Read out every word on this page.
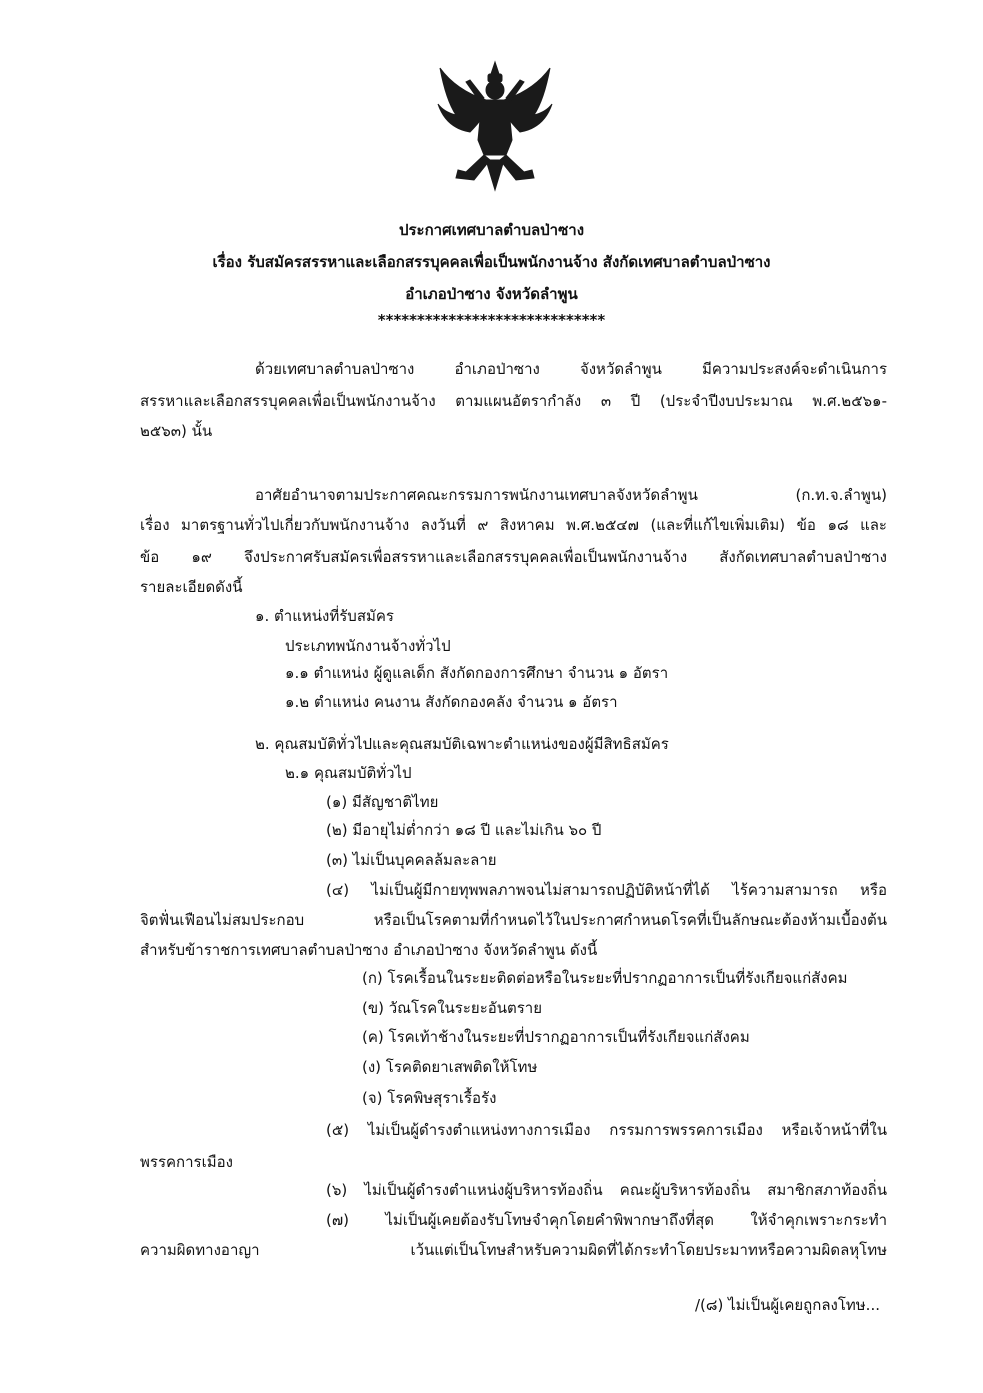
ประกาศเทศบาลตำบลป่าซาง
เรื่อง รับสมัครสรรหาและเลือกสรรบุคคลเพื่อเป็นพนักงานจ้าง สังกัดเทศบาลตำบลป่าซาง
อำเภอป่าซาง จังหวัดลำพูน
*****************************
ด้วยเทศบาลตำบลป่าซาง อำเภอป่าซาง จังหวัดลำพูน มีความประสงค์จะดำเนินการ
สรรหาและเลือกสรรบุคคลเพื่อเป็นพนักงานจ้าง ตามแผนอัตรากำลัง ๓ ปี (ประจำปีงบประมาณ พ.ศ.๒๕๖๑-
๒๕๖๓) นั้น
อาศัยอำนาจตามประกาศคณะกรรมการพนักงานเทศบาลจังหวัดลำพูน (ก.ท.จ.ลำพูน)
เรื่อง มาตรฐานทั่วไปเกี่ยวกับพนักงานจ้าง ลงวันที่ ๙ สิงหาคม พ.ศ.๒๕๔๗ (และที่แก้ไขเพิ่มเติม) ข้อ ๑๘ และ
ข้อ ๑๙ จึงประกาศรับสมัครเพื่อสรรหาและเลือกสรรบุคคลเพื่อเป็นพนักงานจ้าง สังกัดเทศบาลตำบลป่าซาง
รายละเอียดดังนี้
๑. ตำแหน่งที่รับสมัคร
ประเภทพนักงานจ้างทั่วไป
๑.๑ ตำแหน่ง ผู้ดูแลเด็ก สังกัดกองการศึกษา จำนวน ๑ อัตรา
๑.๒ ตำแหน่ง คนงาน สังกัดกองคลัง จำนวน ๑ อัตรา
๒. คุณสมบัติทั่วไปและคุณสมบัติเฉพาะตำแหน่งของผู้มีสิทธิสมัคร
๒.๑ คุณสมบัติทั่วไป
(๑) มีสัญชาติไทย
(๒) มีอายุไม่ต่ำกว่า ๑๘ ปี และไม่เกิน ๖๐ ปี
(๓) ไม่เป็นบุคคลล้มละลาย
(๔) ไม่เป็นผู้มีกายทุพพลภาพจนไม่สามารถปฏิบัติหน้าที่ได้ ไร้ความสามารถ หรือ
จิตฟั่นเฟือนไม่สมประกอบ หรือเป็นโรคตามที่กำหนดไว้ในประกาศกำหนดโรคที่เป็นลักษณะต้องห้ามเบื้องต้น
สำหรับข้าราชการเทศบาลตำบลป่าซาง อำเภอป่าซาง จังหวัดลำพูน ดังนี้
(ก) โรคเรื้อนในระยะติดต่อหรือในระยะที่ปรากฏอาการเป็นที่รังเกียจแก่สังคม
(ข) วัณโรคในระยะอันตราย
(ค) โรคเท้าช้างในระยะที่ปรากฏอาการเป็นที่รังเกียจแก่สังคม
(ง) โรคติดยาเสพติดให้โทษ
(จ) โรคพิษสุราเรื้อรัง
(๕) ไม่เป็นผู้ดำรงตำแหน่งทางการเมือง กรรมการพรรคการเมือง หรือเจ้าหน้าที่ใน
พรรคการเมือง
(๖) ไม่เป็นผู้ดำรงตำแหน่งผู้บริหารท้องถิ่น คณะผู้บริหารท้องถิ่น สมาชิกสภาท้องถิ่น
(๗) ไม่เป็นผู้เคยต้องรับโทษจำคุกโดยคำพิพากษาถึงที่สุด ให้จำคุกเพราะกระทำ
ความผิดทางอาญา เว้นแต่เป็นโทษสำหรับความผิดที่ได้กระทำโดยประมาทหรือความผิดลหุโทษ
/(๘) ไม่เป็นผู้เคยถูกลงโทษ...
